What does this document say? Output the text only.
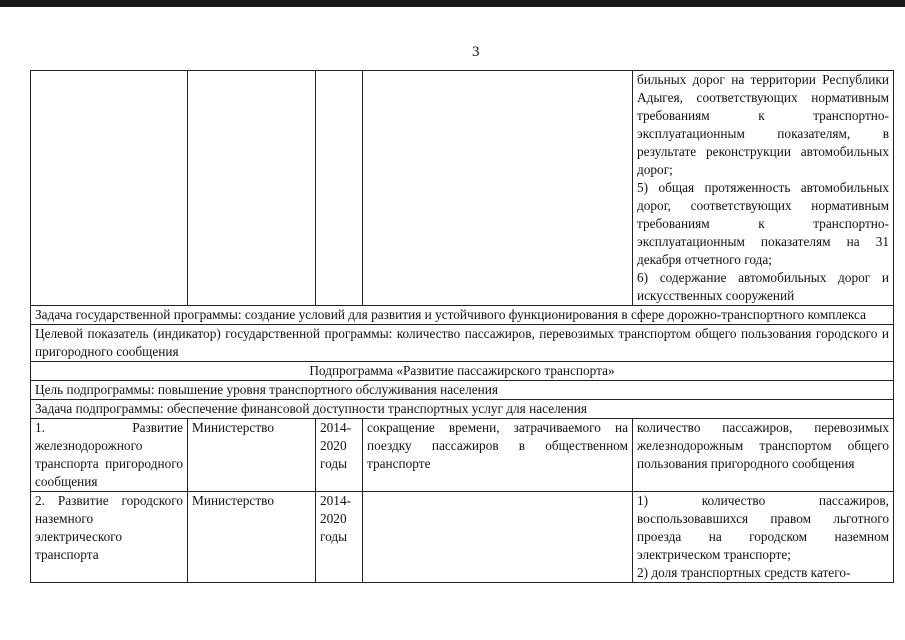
3

				бильных дорог на территории Республики Адыгея, соответствующих нормативным требованиям к транспортно-эксплуатационным показателям, в результате реконструкции автомобильных дорог;
5) общая протяженность автомобильных дорог, соответствующих нормативным требованиям к транспортно-эксплуатационным показателям на 31 декабря отчетного года;
6) содержание автомобильных дорог и искусственных сооружений

Задача государственной программы: создание условий для развития и устойчивого функционирования в сфере дорожно-транспортного комплекса				
Целевой показатель (индикатор) государственной программы: количество пассажиров, перевозимых транспортом общего пользования городского и пригородного сообщения				
Подпрограмма «Развитие пассажирского транспорта»				
Цель подпрограммы: повышение уровня транспортного обслуживания населения				
Задача подпрограммы: обеспечение финансовой доступности транспортных услуг для населения				
1. Развитие железнодорожного транспорта пригородного сообщения	Министерство	2014-2020 годы	сокращение времени, затрачиваемого на поездку пассажиров в общественном транспорте	количество пассажиров, перевозимых железнодорожным транспортом общего пользования пригородного сообщения
2. Развитие городского наземного электрического транспорта	Министерство	2014-2020 годы		1) количество пассажиров, воспользовавшихся правом льготного проезда на городском наземном электрическом транспорте;
2) доля транспортных средств катего-
